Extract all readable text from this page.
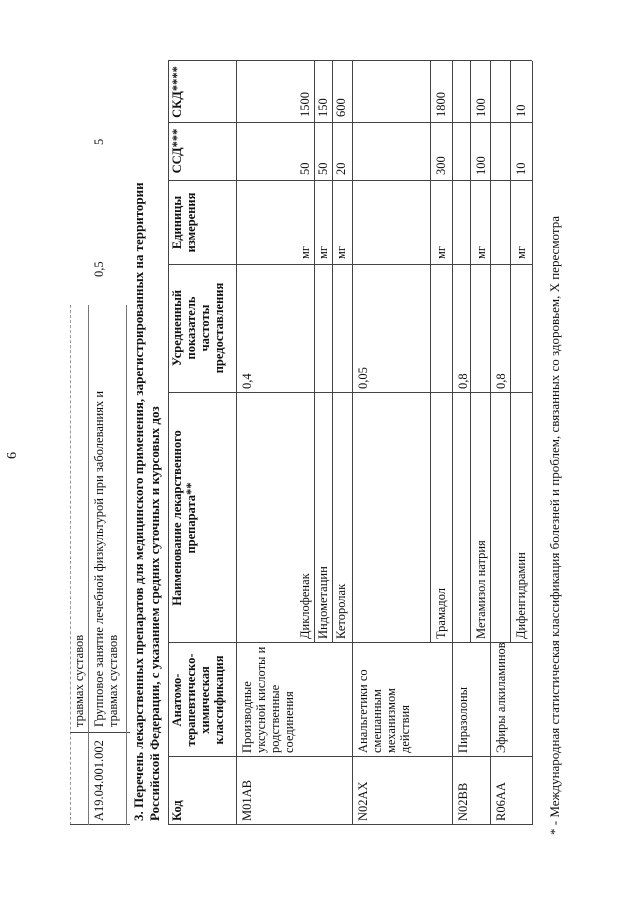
6
травмах суставов
A19.04.001.002
Групповое занятие лечебной физкультурой при заболеваниях и
травмах суставов
0,5
5
3. Перечень лекарственных препаратов для медицинского применения, зарегистрированных на территории Российской Федерации, с указанием средних суточных и курсовых доз Код
Анатомо-
терапевтическо-
химическая
классификация
Наименование лекарственного
препарата**
Усредненный
показатель
частоты
предоставления
Единицы
измерения
ССД***
СКД****
M01AB
Производные
уксусной кислоты и
родственные
соединения
0,4
Диклофенак
мг
50
1500
Индометацин
мг
50
150
Кеторолак
мг
20
600
N02AX
Анальгетики со
смешанным
механизмом
действия
0,05
Трамадол
мг
300
1800
N02BB
Пиразолоны
0,8
Метамизол натрия
мг
100
100
R06AA
Эфиры алкиламинов
0,8
Дифенгидрамин
мг
10
10
* - Международная статистическая классификация болезней и проблем, связанных со здоровьем, X пересмотра
